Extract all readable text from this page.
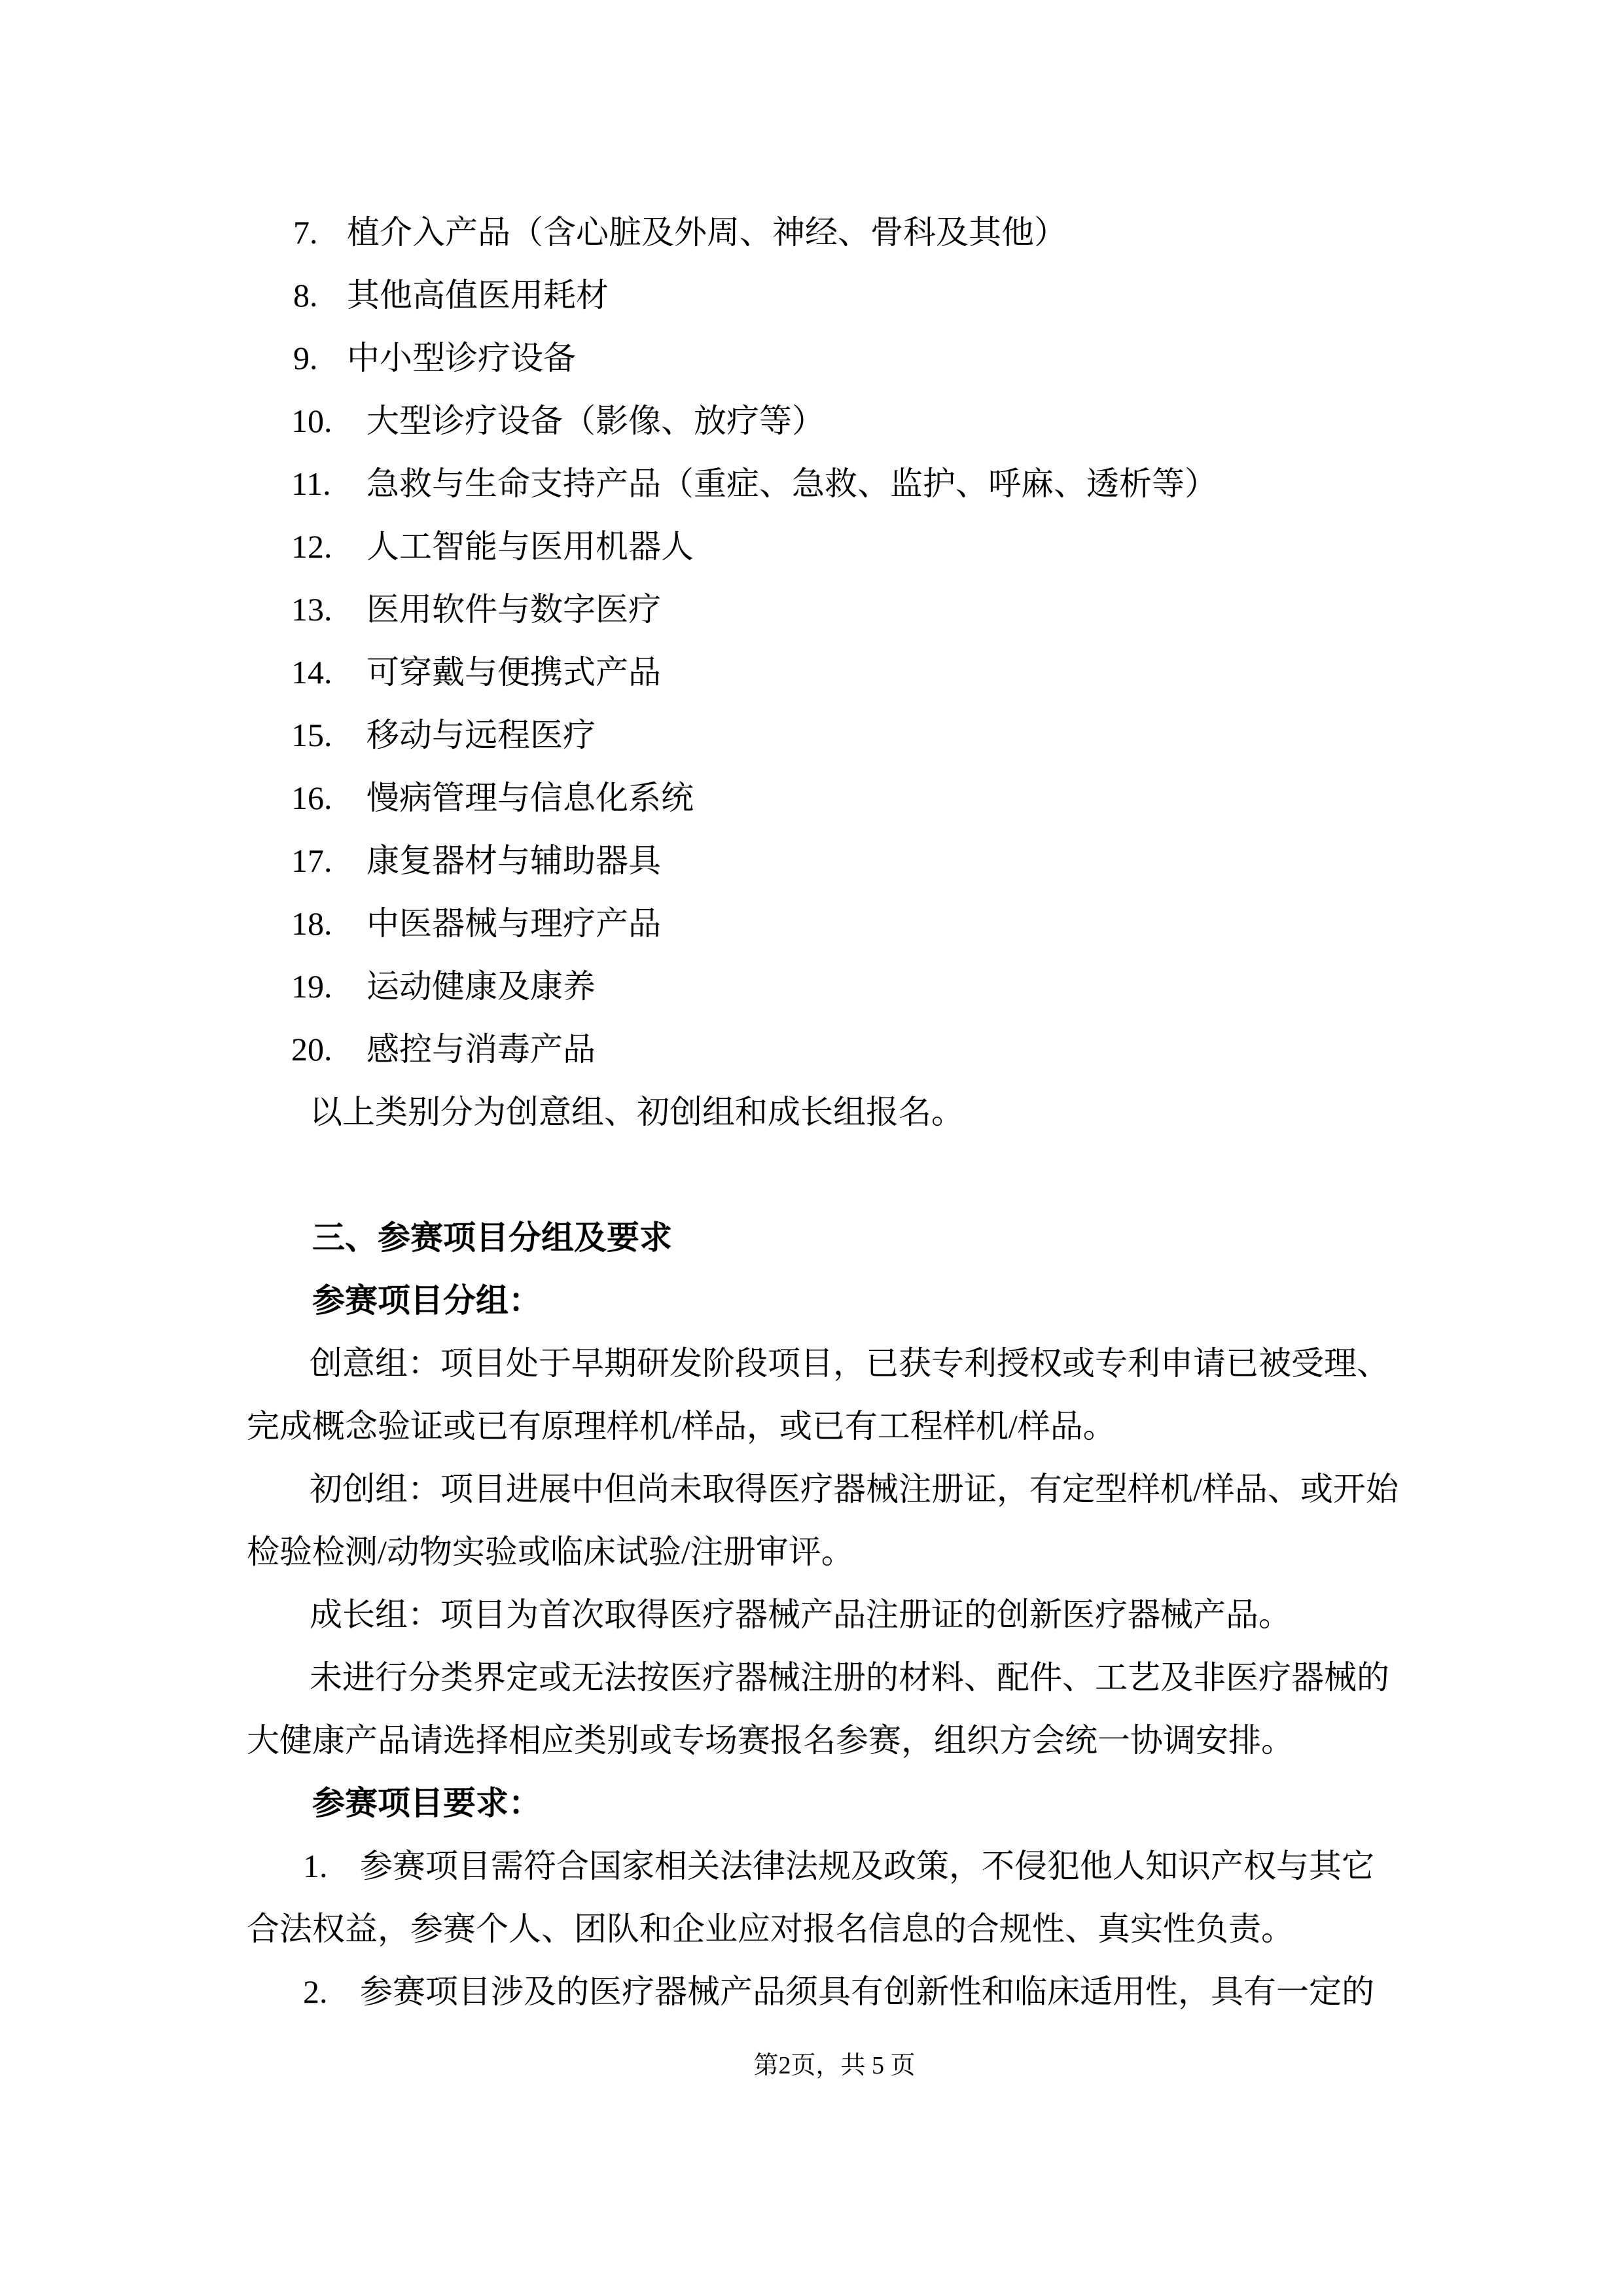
7. 植介入产品（含心脏及外周、神经、骨科及其他）
8. 其他高值医用耗材
9. 中小型诊疗设备
10. 大型诊疗设备（影像、放疗等）
11. 急救与生命支持产品（重症、急救、监护、呼麻、透析等）
12. 人工智能与医用机器人
13. 医用软件与数字医疗
14. 可穿戴与便携式产品
15. 移动与远程医疗
16. 慢病管理与信息化系统
17. 康复器材与辅助器具
18. 中医器械与理疗产品
19. 运动健康及康养
20. 感控与消毒产品
以上类别分为创意组、初创组和成长组报名。
三、参赛项目分组及要求
参赛项目分组：
创意组：项目处于早期研发阶段项目，已获专利授权或专利申请已被受理、
完成概念验证或已有原理样机/样品，或已有工程样机/样品。
初创组：项目进展中但尚未取得医疗器械注册证，有定型样机/样品、或开始
检验检测/动物实验或临床试验/注册审评。
成长组：项目为首次取得医疗器械产品注册证的创新医疗器械产品。
未进行分类界定或无法按医疗器械注册的材料、配件、工艺及非医疗器械的
大健康产品请选择相应类别或专场赛报名参赛，组织方会统一协调安排。
参赛项目要求：
1. 参赛项目需符合国家相关法律法规及政策，不侵犯他人知识产权与其它
合法权益，参赛个人、团队和企业应对报名信息的合规性、真实性负责。
2. 参赛项目涉及的医疗器械产品须具有创新性和临床适用性，具有一定的
第2页，共 5 页
